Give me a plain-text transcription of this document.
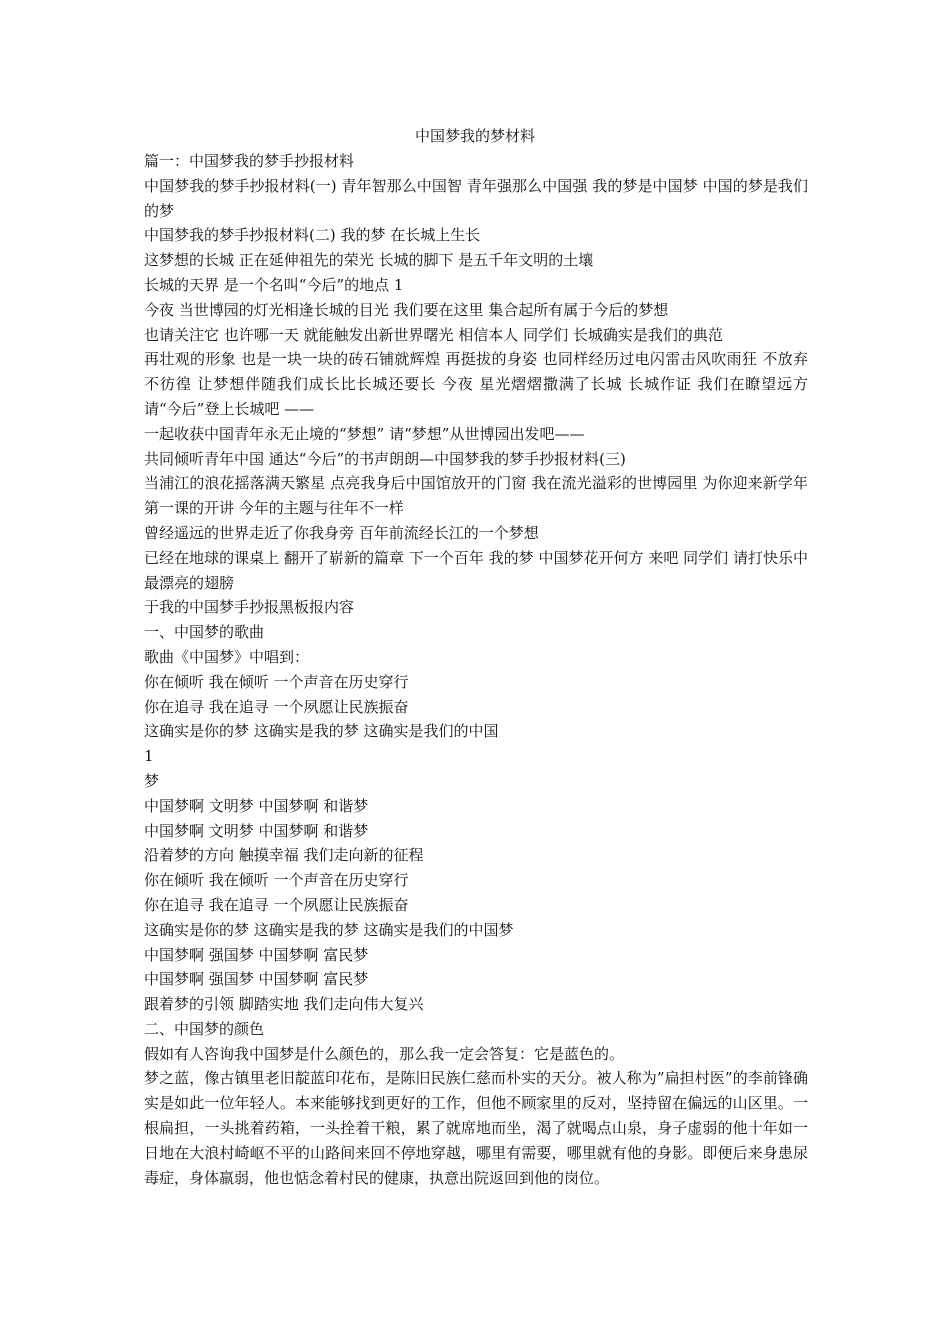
中国梦我的梦材料

篇一：中国梦我的梦手抄报材料

中国梦我的梦手抄报材料(一) 青年智那么中国智 青年强那么中国强 我的梦是中国梦 中国的梦是我们的梦

中国梦我的梦手抄报材料(二) 我的梦 在长城上生长

这梦想的长城 正在延伸祖先的荣光 长城的脚下 是五千年文明的土壤

长城的天界 是一个名叫“今后”的地点 1

今夜 当世博园的灯光相逢长城的目光 我们要在这里 集合起所有属于今后的梦想

也请关注它 也许哪一天 就能触发出新世界曙光 相信本人 同学们 长城确实是我们的典范

再壮观的形象 也是一块一块的砖石铺就辉煌 再挺拔的身姿 也同样经历过电闪雷击风吹雨狂 不放弃不彷徨 让梦想伴随我们成长比长城还要长 今夜 星光熠熠撒满了长城 长城作证 我们在瞭望远方 请“今后”登上长城吧 ——

一起收获中国青年永无止境的“梦想” 请“梦想”从世博园出发吧——

共同倾听青年中国 通达“今后”的书声朗朗—中国梦我的梦手抄报材料(三)

当浦江的浪花摇落满天繁星 点亮我身后中国馆放开的门窗 我在流光溢彩的世博园里 为你迎来新学年第一课的开讲 今年的主题与往年不一样

曾经遥远的世界走近了你我身旁 百年前流经长江的一个梦想

已经在地球的课桌上 翻开了崭新的篇章 下一个百年 我的梦 中国梦花开何方 来吧 同学们 请打快乐中最漂亮的翅膀

于我的中国梦手抄报黑板报内容

一、中国梦的歌曲

歌曲《中国梦》中唱到：

你在倾听 我在倾听 一个声音在历史穿行

你在追寻 我在追寻 一个夙愿让民族振奋

这确实是你的梦 这确实是我的梦 这确实是我们的中国

1

梦

中国梦啊 文明梦 中国梦啊 和谐梦

中国梦啊 文明梦 中国梦啊 和谐梦

沿着梦的方向 触摸幸福 我们走向新的征程

你在倾听 我在倾听 一个声音在历史穿行

你在追寻 我在追寻 一个夙愿让民族振奋

这确实是你的梦 这确实是我的梦 这确实是我们的中国梦

中国梦啊 强国梦 中国梦啊 富民梦

中国梦啊 强国梦 中国梦啊 富民梦

跟着梦的引领 脚踏实地 我们走向伟大复兴

二、中国梦的颜色

假如有人咨询我中国梦是什么颜色的，那么我一定会答复：它是蓝色的。

梦之蓝，像古镇里老旧靛蓝印花布，是陈旧民族仁慈而朴实的天分。被人称为”扁担村医”的李前锋确实是如此一位年轻人。本来能够找到更好的工作，但他不顾家里的反对，坚持留在偏远的山区里。一根扁担，一头挑着药箱，一头拴着干粮，累了就席地而坐，渴了就喝点山泉，身子虚弱的他十年如一日地在大浪村崎岖不平的山路间来回不停地穿越，哪里有需要，哪里就有他的身影。即便后来身患尿毒症，身体羸弱，他也惦念着村民的健康，执意出院返回到他的岗位。
